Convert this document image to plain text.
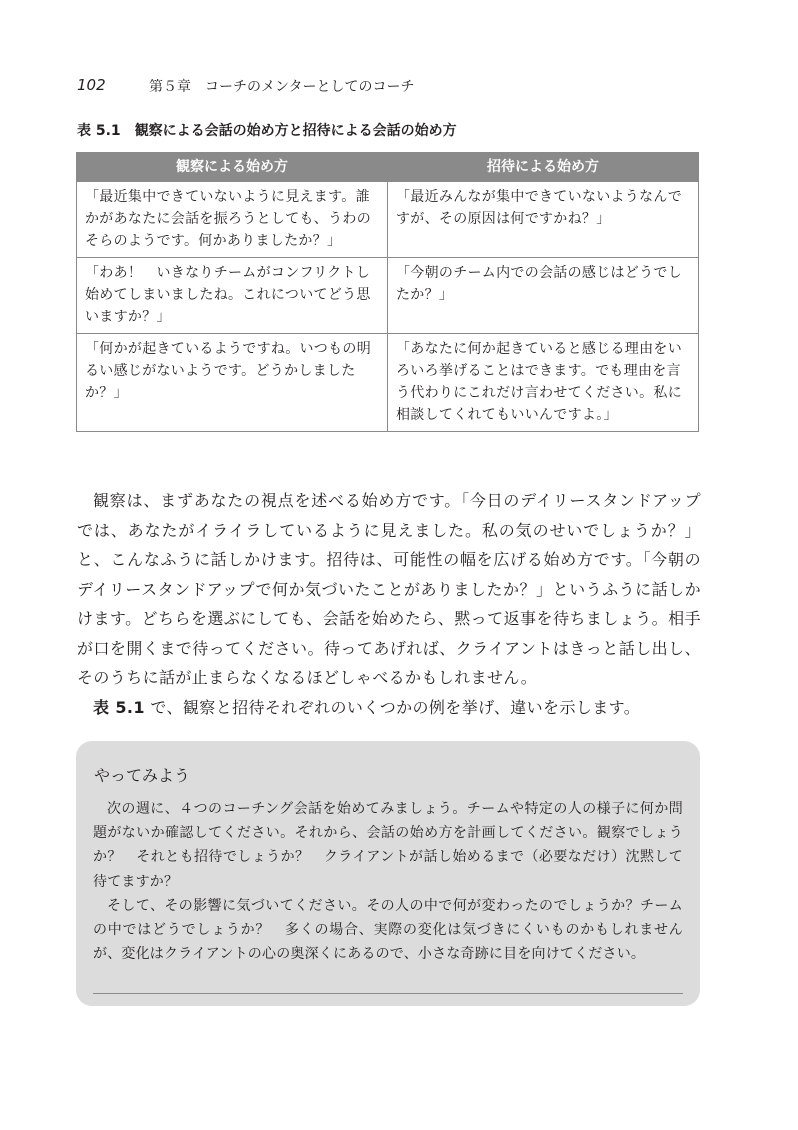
102	第５章　コーチのメンターとしてのコーチ
表 5.1 観察による会話の始め方と招待による会話の始め方
観察による始め方	招待による始め方
「最近集中できていないように見えます。誰かがあなたに会話を振ろうとしても、うわのそらのようです。何かありましたか？」	「最近みんなが集中できていないようなんですが、その原因は何ですかね？」
「わあ！　いきなりチームがコンフリクトし始めてしまいましたね。これについてどう思いますか？」	「今朝のチーム内での会話の感じはどうでしたか？」
「何かが起きているようですね。いつもの明るい感じがないようです。どうかしましたか？」	「あなたに何か起きていると感じる理由をいろいろ挙げることはできます。でも理由を言う代わりにこれだけ言わせてください。私に相談してくれてもいいんですよ。」

観察は、まずあなたの視点を述べる始め方です。「今日のデイリースタンドアップでは、あなたがイライラしているように見えました。私の気のせいでしょうか？」と、こんなふうに話しかけます。招待は、可能性の幅を広げる始め方です。「今朝のデイリースタンドアップで何か気づいたことがありましたか？」というふうに話しかけます。どちらを選ぶにしても、会話を始めたら、黙って返事を待ちましょう。相手が口を開くまで待ってください。待ってあげれば、クライアントはきっと話し出し、そのうちに話が止まらなくなるほどしゃべるかもしれません。

表 5.1 で、観察と招待それぞれのいくつかの例を挙げ、違いを示します。

やってみよう

次の週に、４つのコーチング会話を始めてみましょう。チームや特定の人の様子に何か問題がないか確認してください。それから、会話の始め方を計画してください。観察でしょうか？　それとも招待でしょうか？　クライアントが話し始めるまで（必要なだけ）沈黙して待てますか？

そして、その影響に気づいてください。その人の中で何が変わったのでしょうか？チームの中ではどうでしょうか？　多くの場合、実際の変化は気づきにくいものかもしれませんが、変化はクライアントの心の奥深くにあるので、小さな奇跡に目を向けてください。
